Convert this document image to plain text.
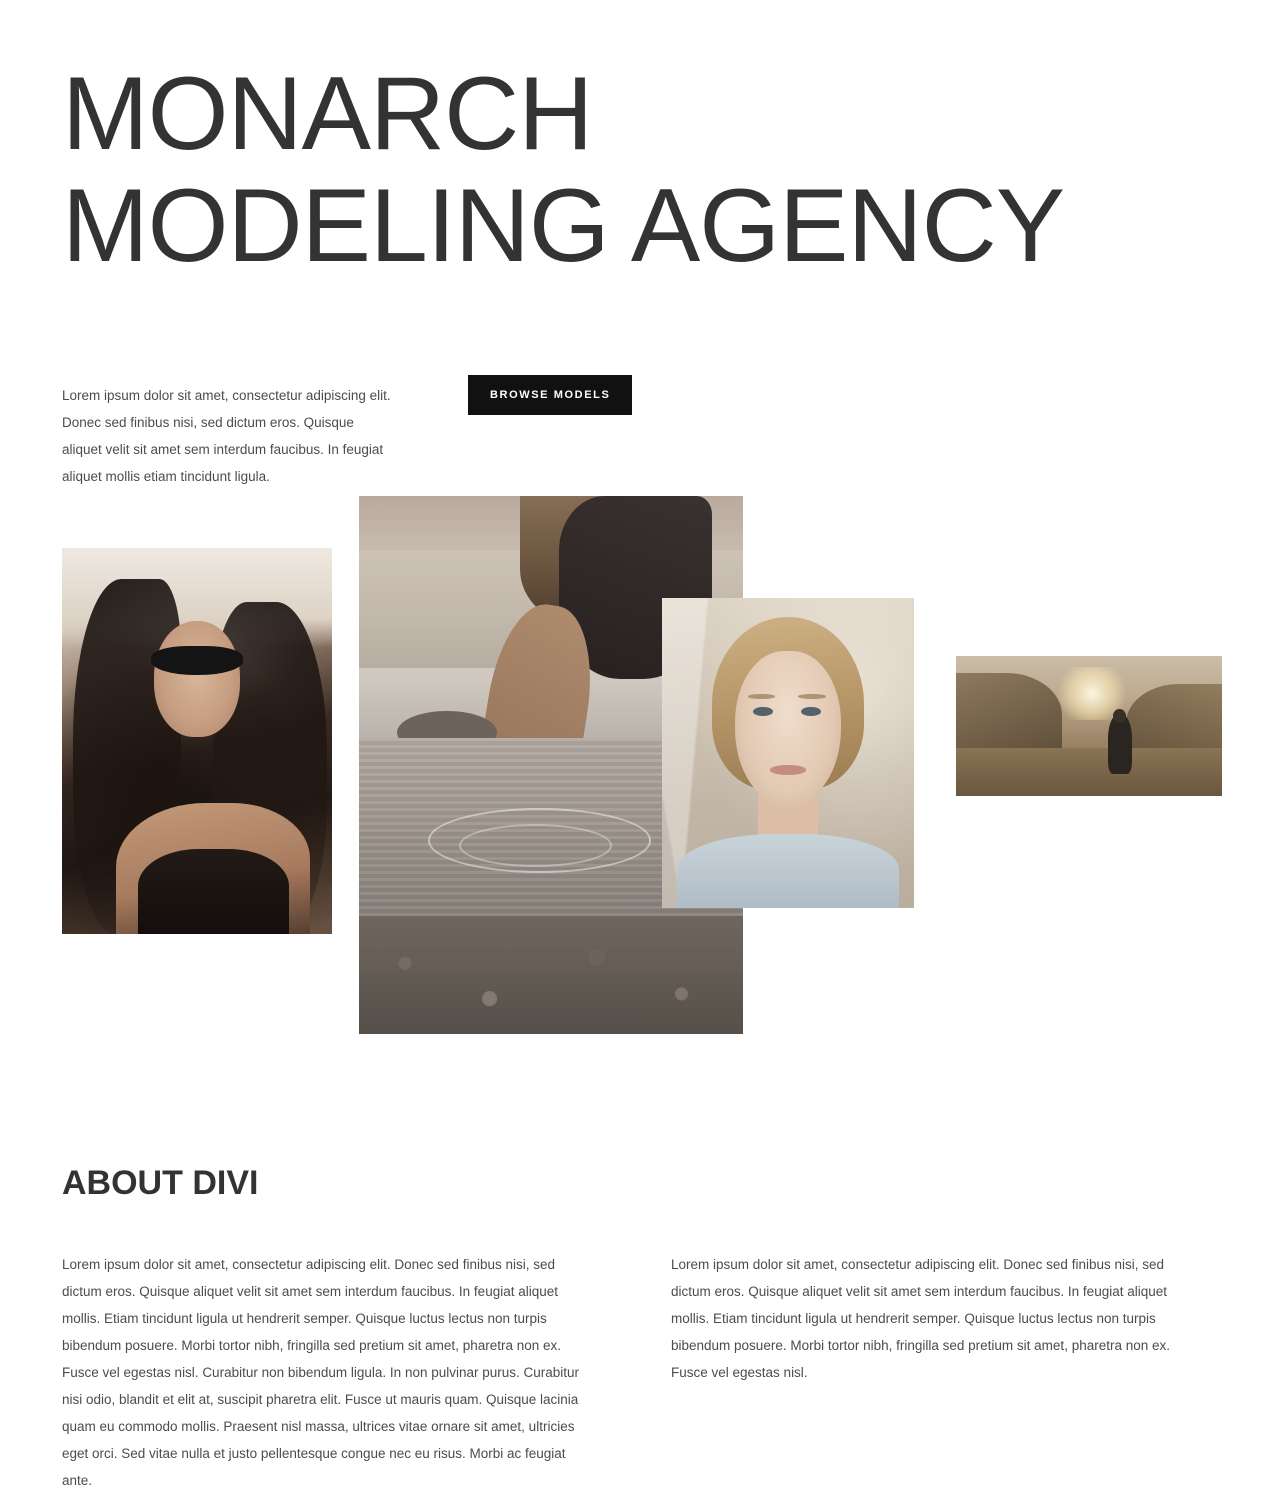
MONARCH
MODELING AGENCY

Lorem ipsum dolor sit amet, consectetur adipiscing elit. Donec sed finibus nisi, sed dictum eros. Quisque aliquet velit sit amet sem interdum faucibus. In feugiat aliquet mollis etiam tincidunt ligula.

BROWSE MODELS
ABOUT DIVI

Lorem ipsum dolor sit amet, consectetur adipiscing elit. Donec sed finibus nisi, sed dictum eros. Quisque aliquet velit sit amet sem interdum faucibus. In feugiat aliquet mollis. Etiam tincidunt ligula ut hendrerit semper. Quisque luctus lectus non turpis bibendum posuere. Morbi tortor nibh, fringilla sed pretium sit amet, pharetra non ex. Fusce vel egestas nisl. Curabitur non bibendum ligula. In non pulvinar purus. Curabitur nisi odio, blandit et elit at, suscipit pharetra elit. Fusce ut mauris quam. Quisque lacinia quam eu commodo mollis. Praesent nisl massa, ultrices vitae ornare sit amet, ultricies eget orci. Sed vitae nulla et justo pellentesque congue nec eu risus. Morbi ac feugiat ante.

Lorem ipsum dolor sit amet, consectetur adipiscing elit. Donec sed finibus nisi, sed dictum eros. Quisque aliquet velit sit amet sem interdum faucibus. In feugiat aliquet mollis. Etiam tincidunt ligula ut hendrerit semper. Quisque luctus lectus non turpis bibendum posuere. Morbi tortor nibh, fringilla sed pretium sit amet, pharetra non ex. Fusce vel egestas nisl.
